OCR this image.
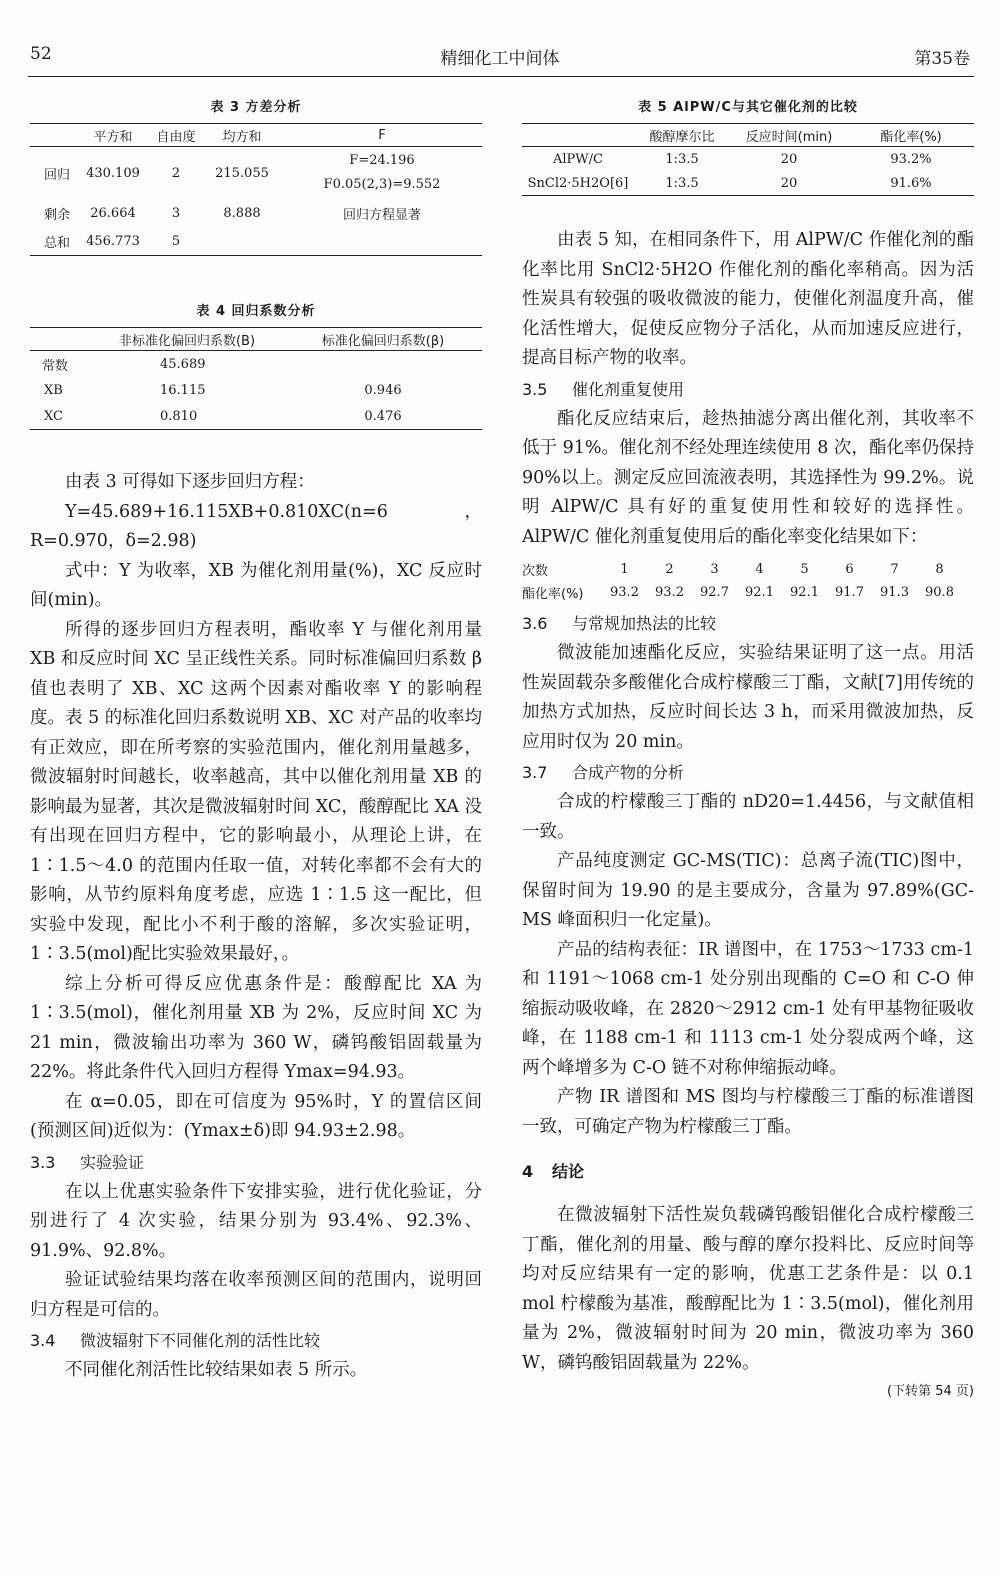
52	精细化工中间体	第35卷
表 3 方差分析
	平方和	自由度	均方和	F
回归	430.109	2	215.055	F=24.196
F0.05(2,3)=9.552

剩余	26.664	3	8.888	回归方程显著
总和	456.773	5		
表 4 回归系数分析
	非标准化偏回归系数(B)	标准化偏回归系数(β)
常数	45.689	
XB	16.115	0.946
XC	0.810	0.476

由表 3 可得如下逐步回归方程：

Y=45.689+16.115XB+0.810XC(n=6，R=0.970，δ=2.98)

式中：Y 为收率，XB 为催化剂用量(%)，XC 反应时间(min)。

所得的逐步回归方程表明，酯收率 Y 与催化剂用量 XB 和反应时间 XC 呈正线性关系。同时标准偏回归系数 β 值也表明了 XB、XC 这两个因素对酯收率 Y 的影响程度。表 5 的标准化回归系数说明 XB、XC 对产品的收率均有正效应，即在所考察的实验范围内，催化剂用量越多，微波辐射时间越长，收率越高，其中以催化剂用量 XB 的影响最为显著，其次是微波辐射时间 XC，酸醇配比 XA 没有出现在回归方程中，它的影响最小，从理论上讲，在 1∶1.5～4.0 的范围内任取一值，对转化率都不会有大的影响，从节约原料角度考虑，应选 1∶1.5 这一配比，但实验中发现，配比小不利于酸的溶解，多次实验证明，1∶3.5(mol)配比实验效果最好，。

综上分析可得反应优惠条件是：酸醇配比 XA 为 1∶3.5(mol)，催化剂用量 XB 为 2%，反应时间 XC 为 21 min，微波输出功率为 360 W，磷钨酸铝固载量为 22%。将此条件代入回归方程得 Ymax=94.93。

在 α=0.05，即在可信度为 95%时，Y 的置信区间(预测区间)近似为：(Ymax±δ)即 94.93±2.98。

3.3 实验验证

在以上优惠实验条件下安排实验，进行优化验证，分别进行了 4 次实验，结果分别为 93.4%、92.3%、91.9%、92.8%。

验证试验结果均落在收率预测区间的范围内，说明回归方程是可信的。

3.4 微波辐射下不同催化剂的活性比较

不同催化剂活性比较结果如表 5 所示。

表 5 AlPW/C与其它催化剂的比较
	酸醇摩尔比	反应时间(min)	酯化率(%)
AlPW/C	1:3.5	20	93.2%
SnCl2·5H2O[6]	1:3.5	20	91.6%

由表 5 知，在相同条件下，用 AlPW/C 作催化剂的酯化率比用 SnCl2·5H2O 作催化剂的酯化率稍高。因为活性炭具有较强的吸收微波的能力，使催化剂温度升高，催化活性增大，促使反应物分子活化，从而加速反应进行，提高目标产物的收率。

3.5 催化剂重复使用

酯化反应结束后，趁热抽滤分离出催化剂，其收率不低于 91%。催化剂不经处理连续使用 8 次，酯化率仍保持 90%以上。测定反应回流液表明，其选择性为 99.2%。说明 AlPW/C 具有好的重复使用性和较好的选择性。AlPW/C 催化剂重复使用后的酯化率变化结果如下：

次数	1	2	3	4	5	6	7	8
酯化率(%)	93.2	93.2	92.7	92.1	92.1	91.7	91.3	90.8

3.6 与常规加热法的比较

微波能加速酯化反应，实验结果证明了这一点。用活性炭固载杂多酸催化合成柠檬酸三丁酯，文献[7]用传统的加热方式加热，反应时间长达 3 h，而采用微波加热，反应用时仅为 20 min。

3.7 合成产物的分析

合成的柠檬酸三丁酯的 nD20=1.4456，与文献值相一致。

产品纯度测定 GC-MS(TIC)：总离子流(TIC)图中，保留时间为 19.90 的是主要成分，含量为 97.89%(GC-MS 峰面积归一化定量)。

产品的结构表征：IR 谱图中，在 1753～1733 cm-1 和 1191～1068 cm-1 处分别出现酯的 C=O 和 C-O 伸缩振动吸收峰，在 2820～2912 cm-1 处有甲基物征吸收峰，在 1188 cm-1 和 1113 cm-1 处分裂成两个峰，这两个峰增多为 C-O 链不对称伸缩振动峰。

产物 IR 谱图和 MS 图均与柠檬酸三丁酯的标准谱图一致，可确定产物为柠檬酸三丁酯。

4 结论

在微波辐射下活性炭负载磷钨酸铝催化合成柠檬酸三丁酯，催化剂的用量、酸与醇的摩尔投料比、反应时间等均对反应结果有一定的影响，优惠工艺条件是：以 0.1 mol 柠檬酸为基准，酸醇配比为 1∶3.5(mol)，催化剂用量为 2%，微波辐射时间为 20 min，微波功率为 360 W，磷钨酸铝固载量为 22%。

(下转第 54 页)
